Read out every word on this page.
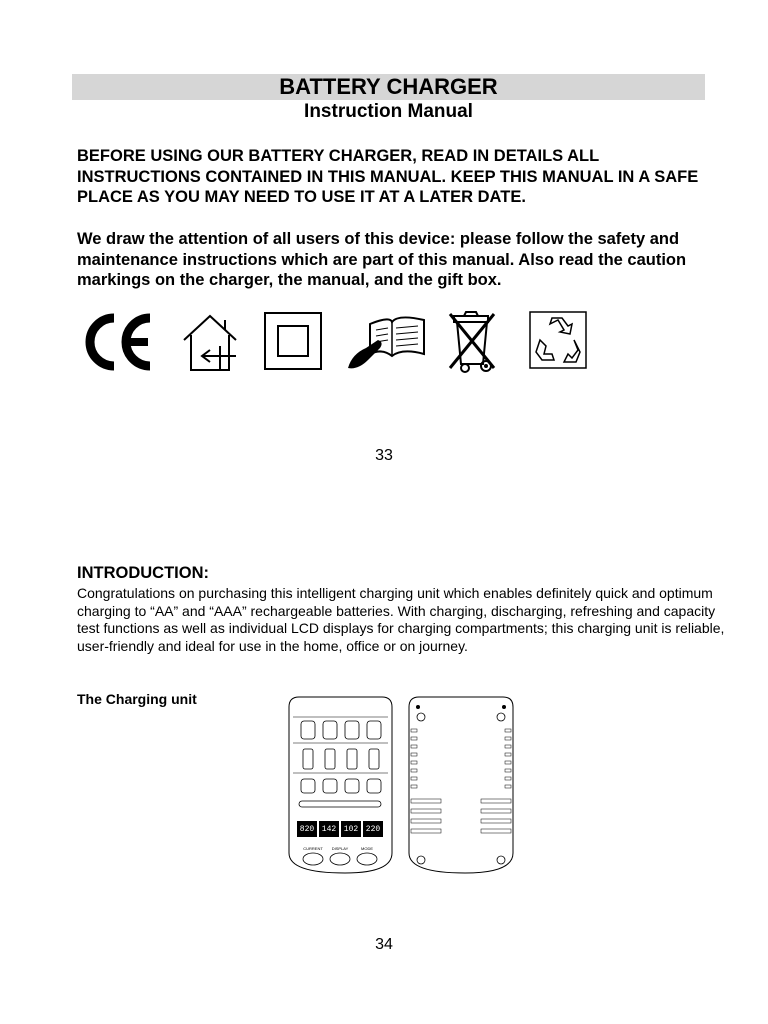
BATTERY CHARGER
Instruction Manual
BEFORE USING OUR BATTERY CHARGER, READ IN DETAILS ALL INSTRUCTIONS CONTAINED IN THIS MANUAL. KEEP THIS MANUAL IN A SAFE PLACE AS YOU MAY NEED TO USE IT AT A LATER DATE.
We draw the attention of all users of this device: please follow the safety and maintenance instructions which are part of this manual. Also read the caution markings on the charger, the manual, and the gift box.
33
INTRODUCTION:
Congratulations on purchasing this intelligent charging unit which enables definitely quick and optimum charging to “AA” and “AAA” rechargeable batteries. With charging, discharging, refreshing and capacity test functions as well as individual LCD displays for charging compartments; this charging unit is reliable, user-friendly and ideal for use in the home, office or on journey.
The Charging unit
820 142 102 220
CURRENT DISPLAY	MODE
34
